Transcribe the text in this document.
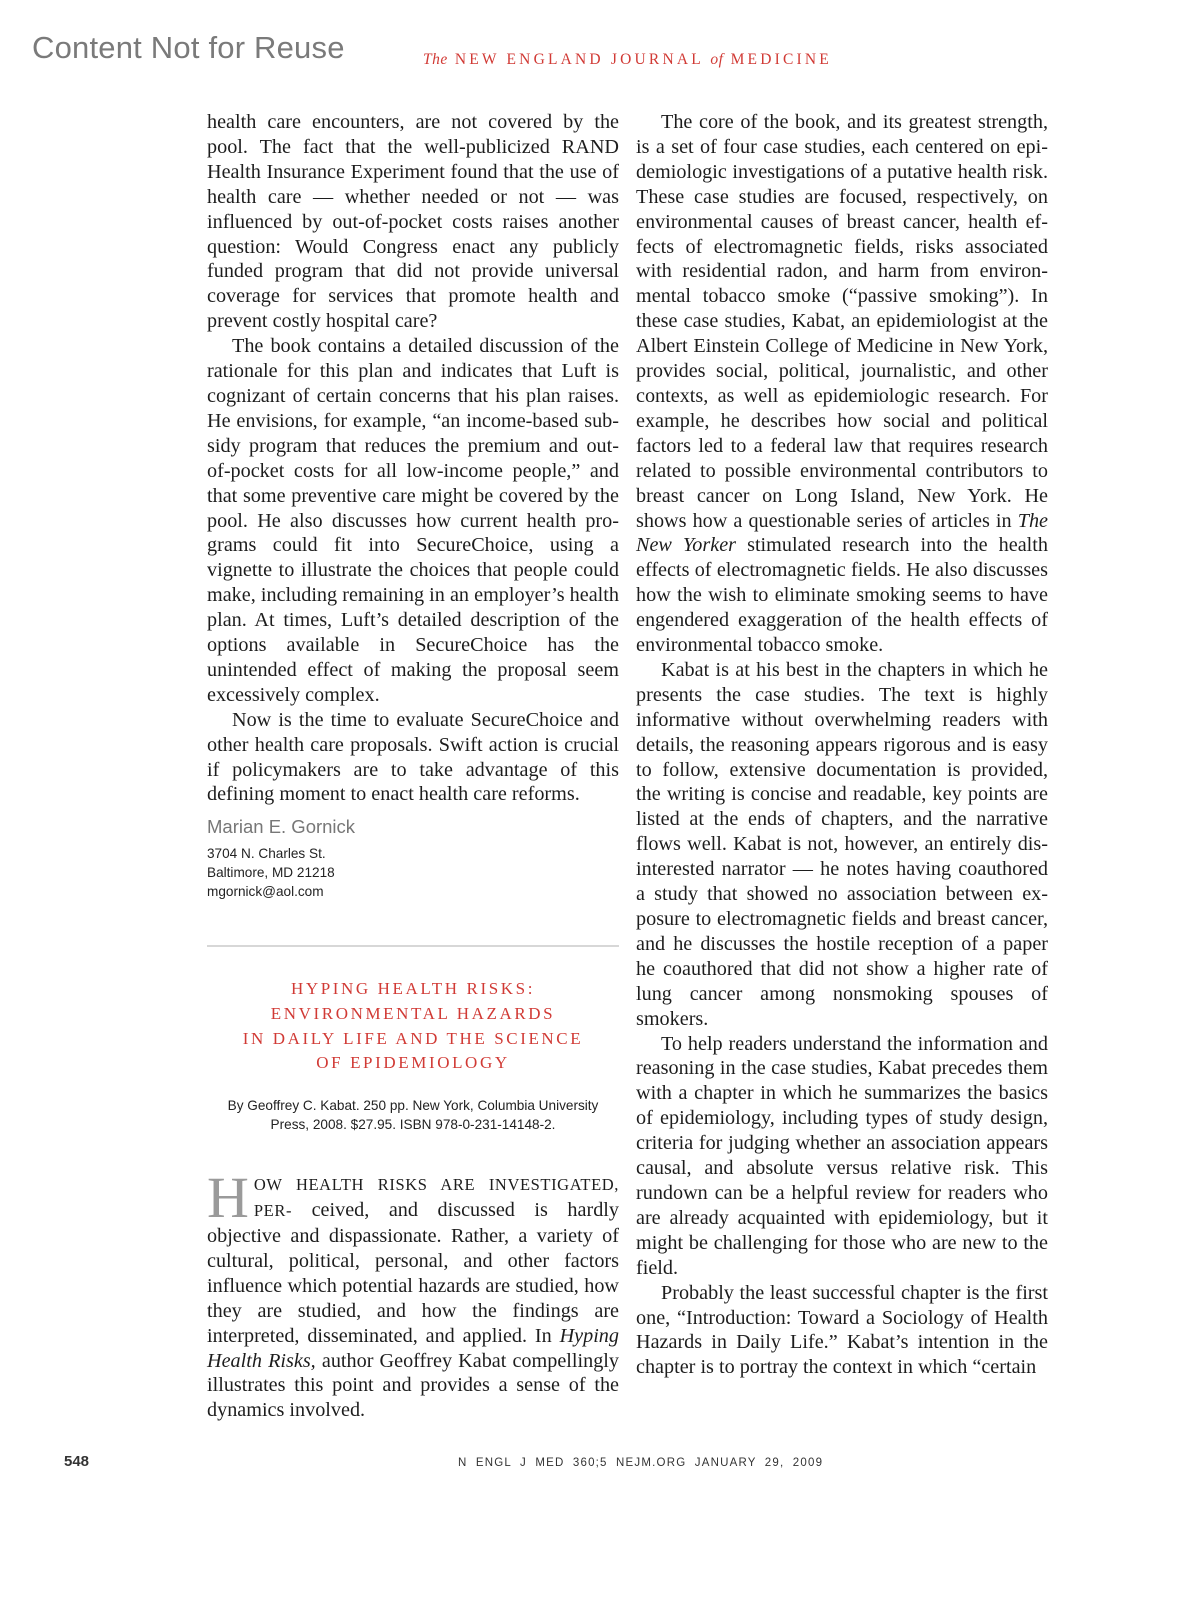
Content Not for Reuse	The NEW ENGLAND JOURNAL of MEDICINE

health care encounters, are not covered by the pool. The fact that the well-publicized RAND Health Insurance Experiment found that the use of health care — whether needed or not — was influenced by out-of-pocket costs raises another question: Would Congress enact any publicly funded program that did not provide universal coverage for services that promote health and prevent costly hospital care?

The book contains a detailed discussion of the rationale for this plan and indicates that Luft is cognizant of certain concerns that his plan raises. He envisions, for example, “an income-based subsidy program that reduces the premium and out-of-pocket costs for all low-income people,” and that some preventive care might be covered by the pool. He also discusses how current health programs could fit into SecureChoice, using a vignette to illustrate the choices that people could make, including remaining in an employer’s health plan. At times, Luft’s detailed description of the options available in SecureChoice has the unintended effect of making the proposal seem excessively complex.

Now is the time to evaluate SecureChoice and other health care proposals. Swift action is crucial if policymakers are to take advantage of this defining moment to enact health care reforms.

Marian E. Gornick
3704 N. Charles St.
Baltimore, MD 21218
mgornick@aol.com
HYPING HEALTH RISKS:
ENVIRONMENTAL HAZARDS
IN DAILY LIFE AND THE SCIENCE
OF EPIDEMIOLOGY
By Geoffrey C. Kabat. 250 pp. New York, Columbia University
Press, 2008. $27.95. ISBN 978-0-231-14148-2.

HOW HEALTH RISKS ARE INVESTIGATED, PER- ceived, and discussed is hardly objective and dispassionate. Rather, a variety of cultural, political, personal, and other factors influence which potential hazards are studied, how they are studied, and how the findings are interpreted, disseminated, and applied. In Hyping Health Risks, author Geoffrey Kabat compellingly illustrates this point and provides a sense of the dynamics involved.

The core of the book, and its greatest strength, is a set of four case studies, each centered on epidemiologic investigations of a putative health risk. These case studies are focused, respectively, on environmental causes of breast cancer, health effects of electromagnetic fields, risks associated with residential radon, and harm from environmental tobacco smoke (“passive smoking”). In these case studies, Kabat, an epidemiologist at the Albert Einstein College of Medicine in New York, provides social, political, journalistic, and other contexts, as well as epidemiologic research. For example, he describes how social and political factors led to a federal law that requires research related to possible environmental contributors to breast cancer on Long Island, New York. He shows how a questionable series of articles in The New Yorker stimulated research into the health effects of electromagnetic fields. He also discusses how the wish to eliminate smoking seems to have engendered exaggeration of the health effects of environmental tobacco smoke.

Kabat is at his best in the chapters in which he presents the case studies. The text is highly informative without overwhelming readers with details, the reasoning appears rigorous and is easy to follow, extensive documentation is provided, the writing is concise and readable, key points are listed at the ends of chapters, and the narrative flows well. Kabat is not, however, an entirely disinterested narrator — he notes having coauthored a study that showed no association between exposure to electromagnetic fields and breast cancer, and he discusses the hostile reception of a paper he coauthored that did not show a higher rate of lung cancer among nonsmoking spouses of smokers.

To help readers understand the information and reasoning in the case studies, Kabat precedes them with a chapter in which he summarizes the basics of epidemiology, including types of study design, criteria for judging whether an association appears causal, and absolute versus relative risk. This rundown can be a helpful review for readers who are already acquainted with epidemiology, but it might be challenging for those who are new to the field.

Probably the least successful chapter is the first one, “Introduction: Toward a Sociology of Health Hazards in Daily Life.” Kabat’s intention in the chapter is to portray the context in which “certain

548	N ENGL J MED 360;5 NEJM.ORG JANUARY 29, 2009
